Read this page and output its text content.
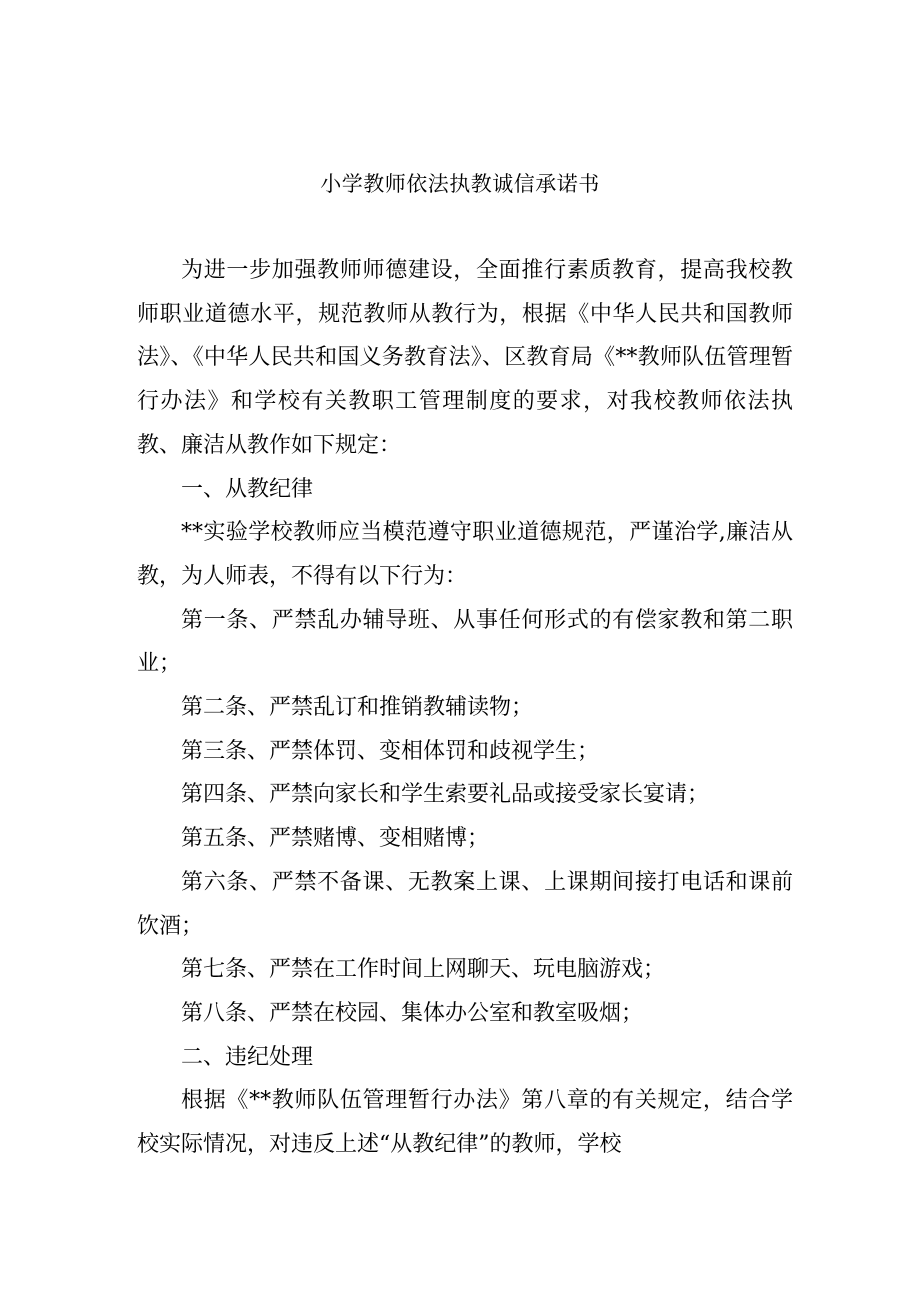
小学教师依法执教诚信承诺书

为进一步加强教师师德建设，全面推行素质教育，提高我校教师职业道德水平，规范教师从教行为，根据《中华人民共和国教师法》、《中华人民共和国义务教育法》、区教育局《**教师队伍管理暂行办法》和学校有关教职工管理制度的要求，对我校教师依法执教、廉洁从教作如下规定：

一、从教纪律

**实验学校教师应当模范遵守职业道德规范，严谨治学,廉洁从教，为人师表，不得有以下行为：

第一条、严禁乱办辅导班、从事任何形式的有偿家教和第二职业；

第二条、严禁乱订和推销教辅读物；

第三条、严禁体罚、变相体罚和歧视学生；

第四条、严禁向家长和学生索要礼品或接受家长宴请；

第五条、严禁赌博、变相赌博；

第六条、严禁不备课、无教案上课、上课期间接打电话和课前饮酒；

第七条、严禁在工作时间上网聊天、玩电脑游戏；

第八条、严禁在校园、集体办公室和教室吸烟；

二、违纪处理

根据《**教师队伍管理暂行办法》第八章的有关规定，结合学校实际情况，对违反上述“从教纪律”的教师，学校
